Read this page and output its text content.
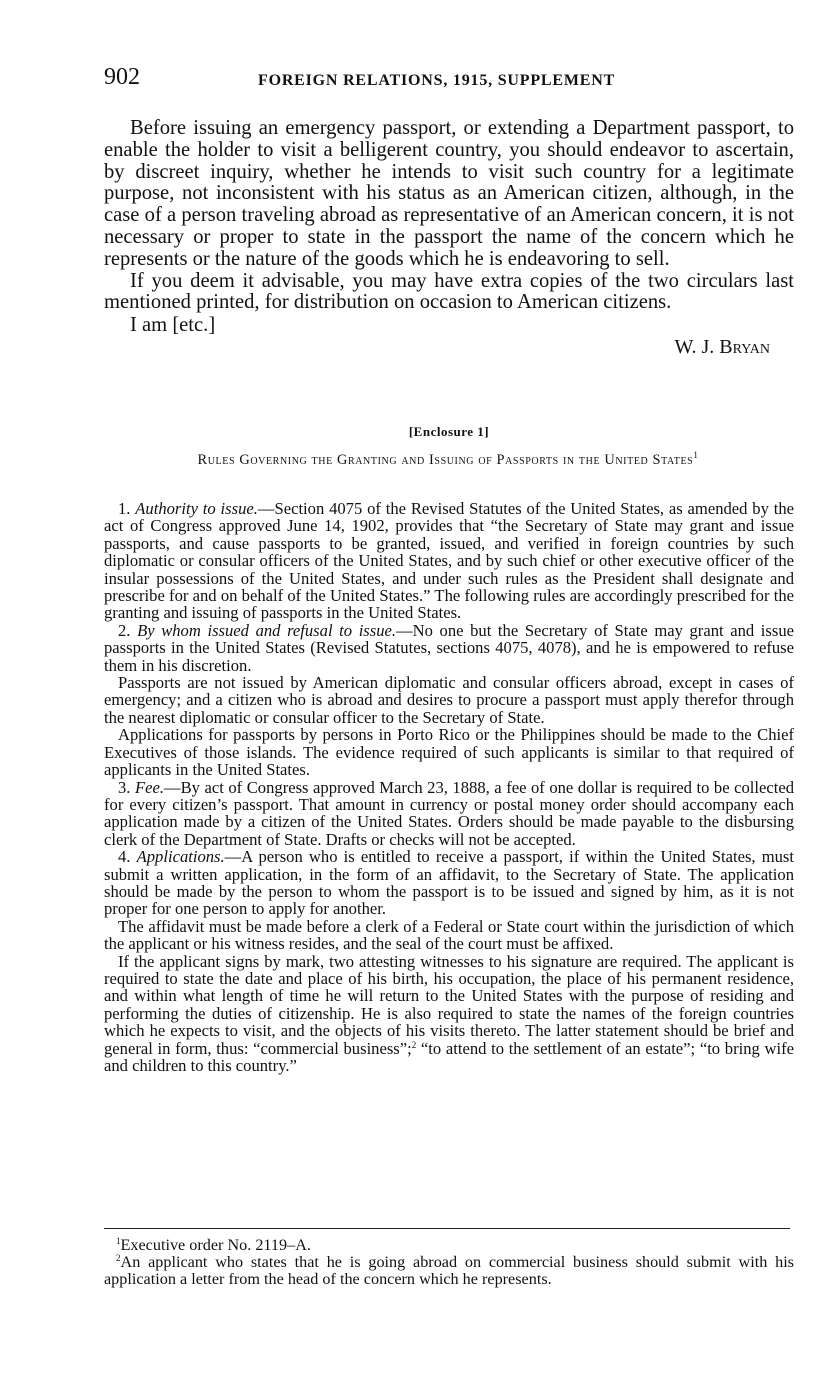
902	FOREIGN RELATIONS, 1915, SUPPLEMENT

Before issuing an emergency passport, or extending a Department passport, to enable the holder to visit a belligerent country, you should endeavor to ascertain, by discreet inquiry, whether he intends to visit such country for a legitimate purpose, not inconsistent with his status as an American citizen, although, in the case of a person traveling abroad as representative of an American concern, it is not necessary or proper to state in the passport the name of the concern which he represents or the nature of the goods which he is endeavoring to sell.

If you deem it advisable, you may have extra copies of the two circulars last mentioned printed, for distribution on occasion to American citizens.

I am [etc.]
W. J. Bryan
[Enclosure 1]
Rules Governing the Granting and Issuing of Passports in the United States$^1$

1. Authority to issue.—Section 4075 of the Revised Statutes of the United States, as amended by the act of Congress approved June 14, 1902, provides that “the Secretary of State may grant and issue passports, and cause passports to be granted, issued, and verified in foreign countries by such diplomatic or consular officers of the United States, and by such chief or other executive officer of the insular possessions of the United States, and under such rules as the President shall designate and prescribe for and on behalf of the United States.” The following rules are accordingly prescribed for the granting and issuing of passports in the United States.

2. By whom issued and refusal to issue.—No one but the Secretary of State may grant and issue passports in the United States (Revised Statutes, sections 4075, 4078), and he is empowered to refuse them in his discretion.

Passports are not issued by American diplomatic and consular officers abroad, except in cases of emergency; and a citizen who is abroad and desires to procure a passport must apply therefor through the nearest diplomatic or consular officer to the Secretary of State.

Applications for passports by persons in Porto Rico or the Philippines should be made to the Chief Executives of those islands. The evidence required of such applicants is similar to that required of applicants in the United States.

3. Fee.—By act of Congress approved March 23, 1888, a fee of one dollar is required to be collected for every citizen’s passport. That amount in currency or postal money order should accompany each application made by a citizen of the United States. Orders should be made payable to the disbursing clerk of the Department of State. Drafts or checks will not be accepted.

4. Applications.—A person who is entitled to receive a passport, if within the United States, must submit a written application, in the form of an affidavit, to the Secretary of State. The application should be made by the person to whom the passport is to be issued and signed by him, as it is not proper for one person to apply for another.

The affidavit must be made before a clerk of a Federal or State court within the jurisdiction of which the applicant or his witness resides, and the seal of the court must be affixed.

If the applicant signs by mark, two attesting witnesses to his signature are required. The applicant is required to state the date and place of his birth, his occupation, the place of his permanent residence, and within what length of time he will return to the United States with the purpose of residing and performing the duties of citizenship. He is also required to state the names of the foreign countries which he expects to visit, and the objects of his visits thereto. The latter statement should be brief and general in form, thus: “commercial business”;$^2$ “to attend to the settlement of an estate”; “to bring wife and children to this country.”

$^1$Executive order No. 2119–A.

$^2$An applicant who states that he is going abroad on commercial business should submit with his application a letter from the head of the concern which he represents.
